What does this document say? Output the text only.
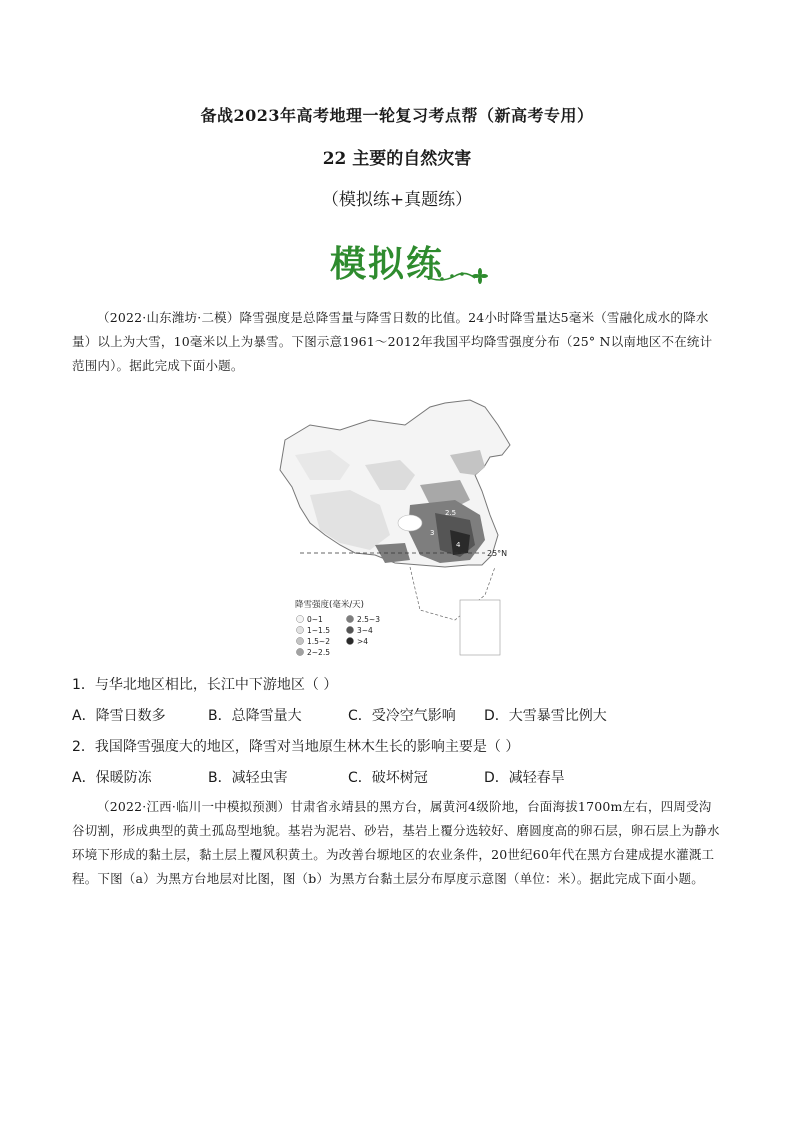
备战2023年高考地理一轮复习考点帮（新高考专用）
22 主要的自然灾害
（模拟练+真题练）
模拟练
（2022·山东潍坊·二模）降雪强度是总降雪量与降雪日数的比值。24小时降雪量达5毫米（雪融化成水的降水量）以上为大雪，10毫米以上为暴雪。下图示意1961～2012年我国平均降雪强度分布（25° N以南地区不在统计范围内）。据此完成下面小题。
25°N
2.5
3
4
降雪强度(毫米/天)
0~1
1~1.5
1.5~2
2~2.5
2.5~3
3~4
>4
1．与华北地区相比，长江中下游地区（ ）
A．降雪日数多	B．总降雪量大	C．受冷空气影响 D．大雪暴雪比例大
2．我国降雪强度大的地区，降雪对当地原生林木生长的影响主要是（ ）
A．保暖防冻	B．减轻虫害	C．破坏树冠	D．减轻春旱
（2022·江西·临川一中模拟预测）甘肃省永靖县的黑方台，属黄河4级阶地，台面海拔1700m左右，四周受沟谷切割，形成典型的黄土孤岛型地貌。基岩为泥岩、砂岩，基岩上覆分选较好、磨圆度高的卵石层，卵石层上为静水环境下形成的黏土层，黏土层上覆风积黄土。为改善台塬地区的农业条件，20世纪60年代在黑方台建成提水灌溉工程。下图（a）为黑方台地层对比图，图（b）为黑方台黏土层分布厚度示意图（单位：米）。据此完成下面小题。
